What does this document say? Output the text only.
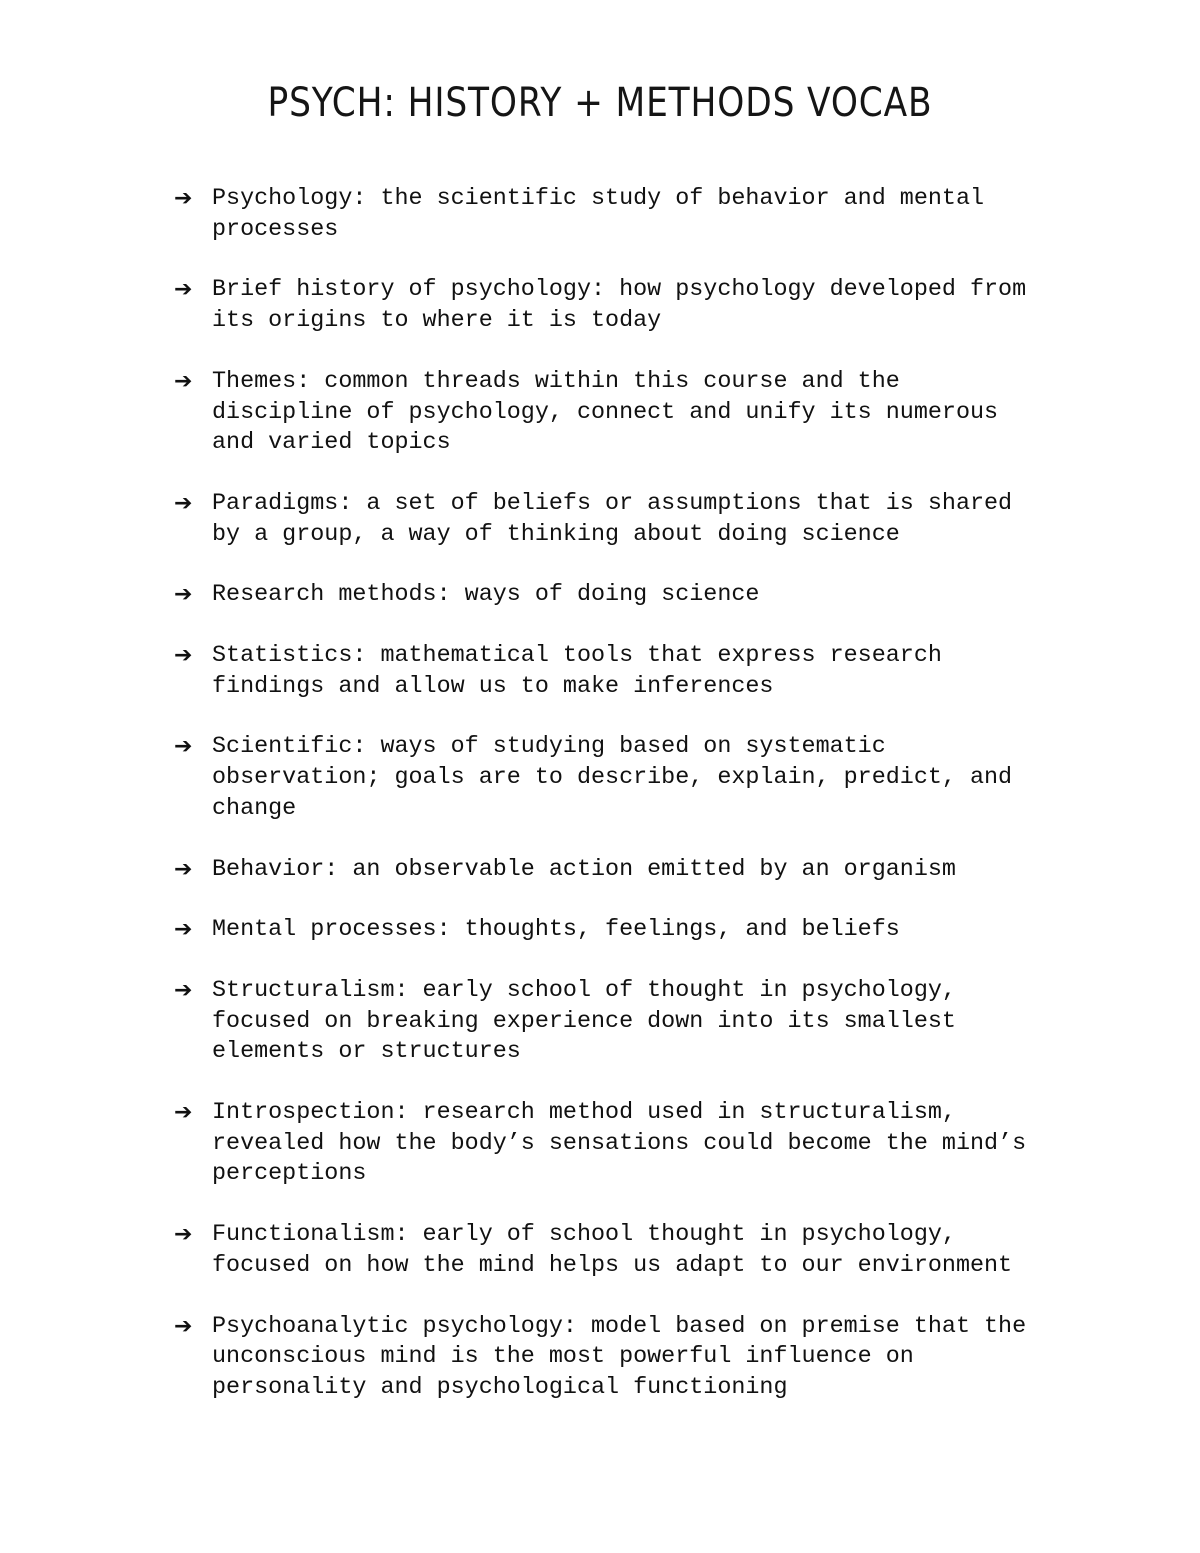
PSYCH: HISTORY + METHODS VOCAB
➔ Psychology: the scientific study of behavior and mental
processes
➔ Brief history of psychology: how psychology developed from
its origins to where it is today
➔ Themes: common threads within this course and the
discipline of psychology, connect and unify its numerous
and varied topics
➔ Paradigms: a set of beliefs or assumptions that is shared
by a group, a way of thinking about doing science
➔ Research methods: ways of doing science
➔ Statistics: mathematical tools that express research
findings and allow us to make inferences
➔ Scientific: ways of studying based on systematic
observation; goals are to describe, explain, predict, and
change
➔ Behavior: an observable action emitted by an organism
➔ Mental processes: thoughts, feelings, and beliefs
➔ Structuralism: early school of thought in psychology,
focused on breaking experience down into its smallest
elements or structures
➔ Introspection: research method used in structuralism,
revealed how the body’s sensations could become the mind’s
perceptions
➔ Functionalism: early of school thought in psychology,
focused on how the mind helps us adapt to our environment
➔ Psychoanalytic psychology: model based on premise that the
unconscious mind is the most powerful influence on
personality and psychological functioning
